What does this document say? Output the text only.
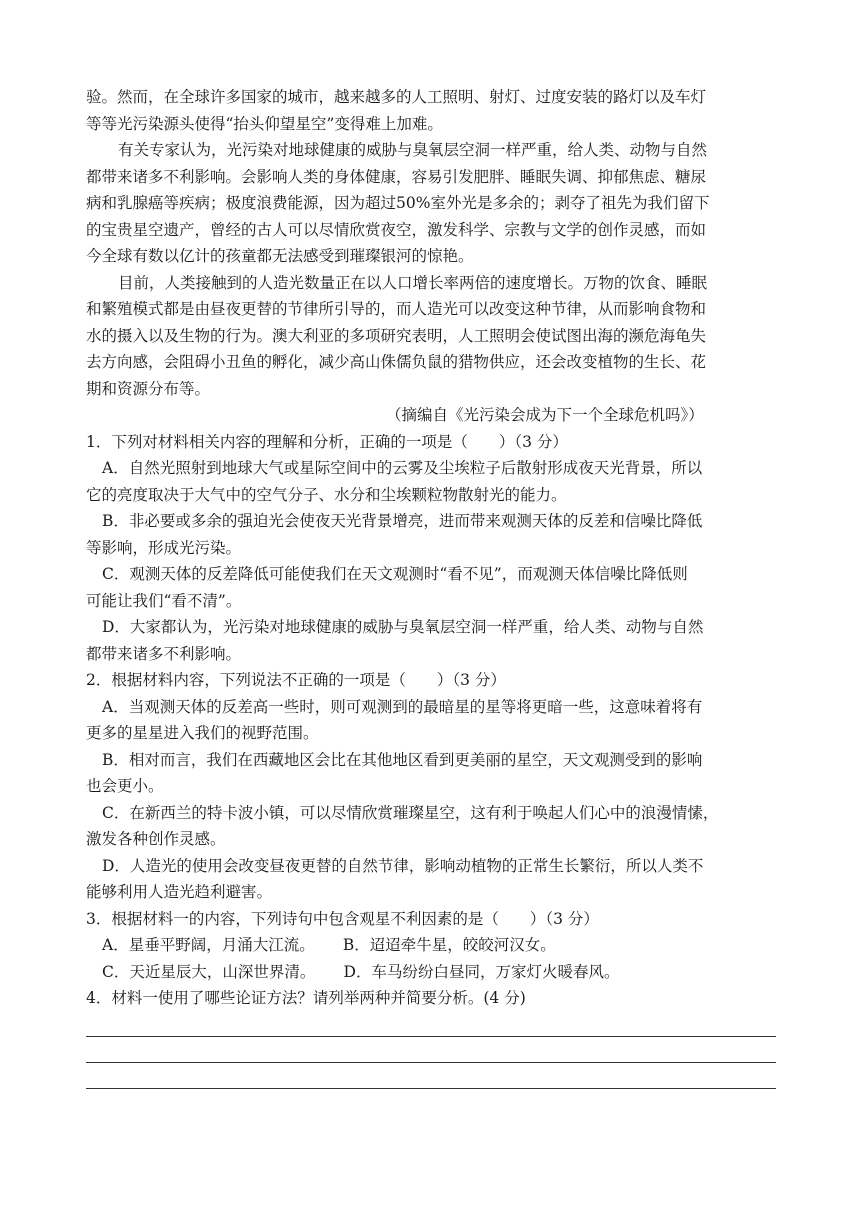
验。然而，在全球许多国家的城市，越来越多的人工照明、射灯、过度安装的路灯以及车灯
等等光污染源头使得“抬头仰望星空”变得难上加难。
有关专家认为，光污染对地球健康的威胁与臭氧层空洞一样严重，给人类、动物与自然
都带来诸多不利影响。会影响人类的身体健康，容易引发肥胖、睡眠失调、抑郁焦虑、糖尿
病和乳腺癌等疾病；极度浪费能源，因为超过50%室外光是多余的；剥夺了祖先为我们留下
的宝贵星空遗产，曾经的古人可以尽情欣赏夜空，激发科学、宗教与文学的创作灵感，而如
今全球有数以亿计的孩童都无法感受到璀璨银河的惊艳。
目前，人类接触到的人造光数量正在以人口增长率两倍的速度增长。万物的饮食、睡眠
和繁殖模式都是由昼夜更替的节律所引导的，而人造光可以改变这种节律，从而影响食物和
水的摄入以及生物的行为。澳大利亚的多项研究表明，人工照明会使试图出海的濒危海龟失
去方向感，会阻碍小丑鱼的孵化，减少高山侏儒负鼠的猎物供应，还会改变植物的生长、花
期和资源分布等。
（摘编自《光污染会成为下一个全球危机吗》）
1．下列对材料相关内容的理解和分析，正确的一项是（　　）（3 分）
A．自然光照射到地球大气或星际空间中的云雾及尘埃粒子后散射形成夜天光背景，所以
它的亮度取决于大气中的空气分子、水分和尘埃颗粒物散射光的能力。
B．非必要或多余的强迫光会使夜天光背景增亮，进而带来观测天体的反差和信噪比降低
等影响，形成光污染。
C．观测天体的反差降低可能使我们在天文观测时“看不见”，而观测天体信噪比降低则
可能让我们“看不清”。
D．大家都认为，光污染对地球健康的威胁与臭氧层空洞一样严重，给人类、动物与自然
都带来诸多不利影响。
2．根据材料内容，下列说法不正确的一项是（　　）（3 分）
A．当观测天体的反差高一些时，则可观测到的最暗星的星等将更暗一些，这意味着将有
更多的星星进入我们的视野范围。
B．相对而言，我们在西藏地区会比在其他地区看到更美丽的星空，天文观测受到的影响
也会更小。
C．在新西兰的特卡波小镇，可以尽情欣赏璀璨星空，这有利于唤起人们心中的浪漫情愫，
激发各种创作灵感。
D．人造光的使用会改变昼夜更替的自然节律，影响动植物的正常生长繁衍，所以人类不
能够利用人造光趋利避害。
3．根据材料一的内容，下列诗句中包含观星不利因素的是（　　）（3 分）
A．星垂平野阔，月涌大江流。　　 B．迢迢牵牛星，皎皎河汉女。
C．天近星辰大，山深世界清。　　 D．车马纷纷白昼同，万家灯火暖春风。
4．材料一使用了哪些论证方法？请列举两种并简要分析。(4 分)
